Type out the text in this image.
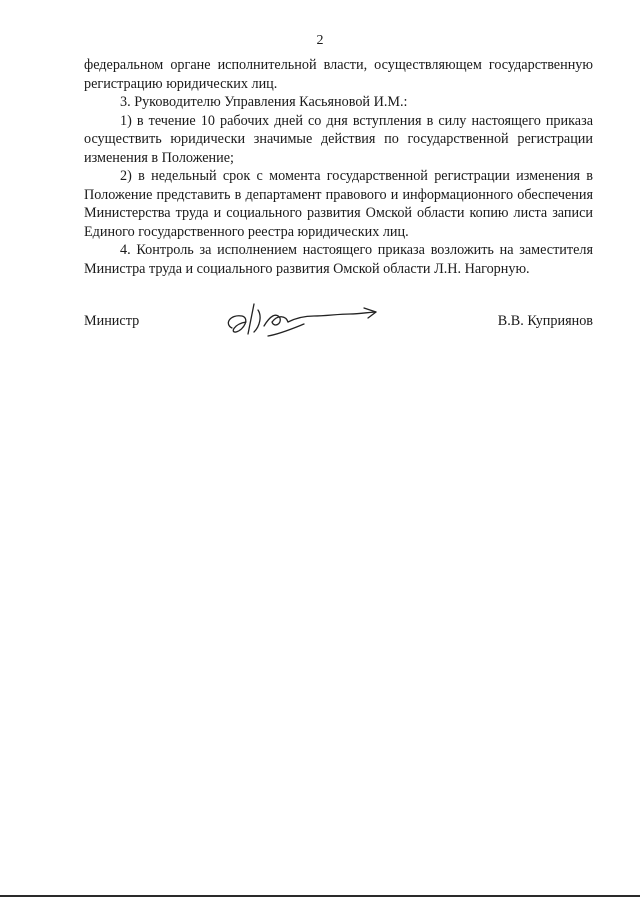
2

федеральном органе исполнительной власти, осуществляющем государственную регистрацию юридических лиц.

3. Руководителю Управления Касьяновой И.М.:

1) в течение 10 рабочих дней со дня вступления в силу настоящего приказа осуществить юридически значимые действия по государственной регистрации изменения в Положение;

2) в недельный срок с момента государственной регистрации изменения в Положение представить в департамент правового и информационного обеспечения Министерства труда и социального развития Омской области копию листа записи Единого государственного реестра юридических лиц.

4. Контроль за исполнением настоящего приказа возложить на заместителя Министра труда и социального развития Омской области Л.Н. Нагорную.

Министр	В.В. Куприянов
